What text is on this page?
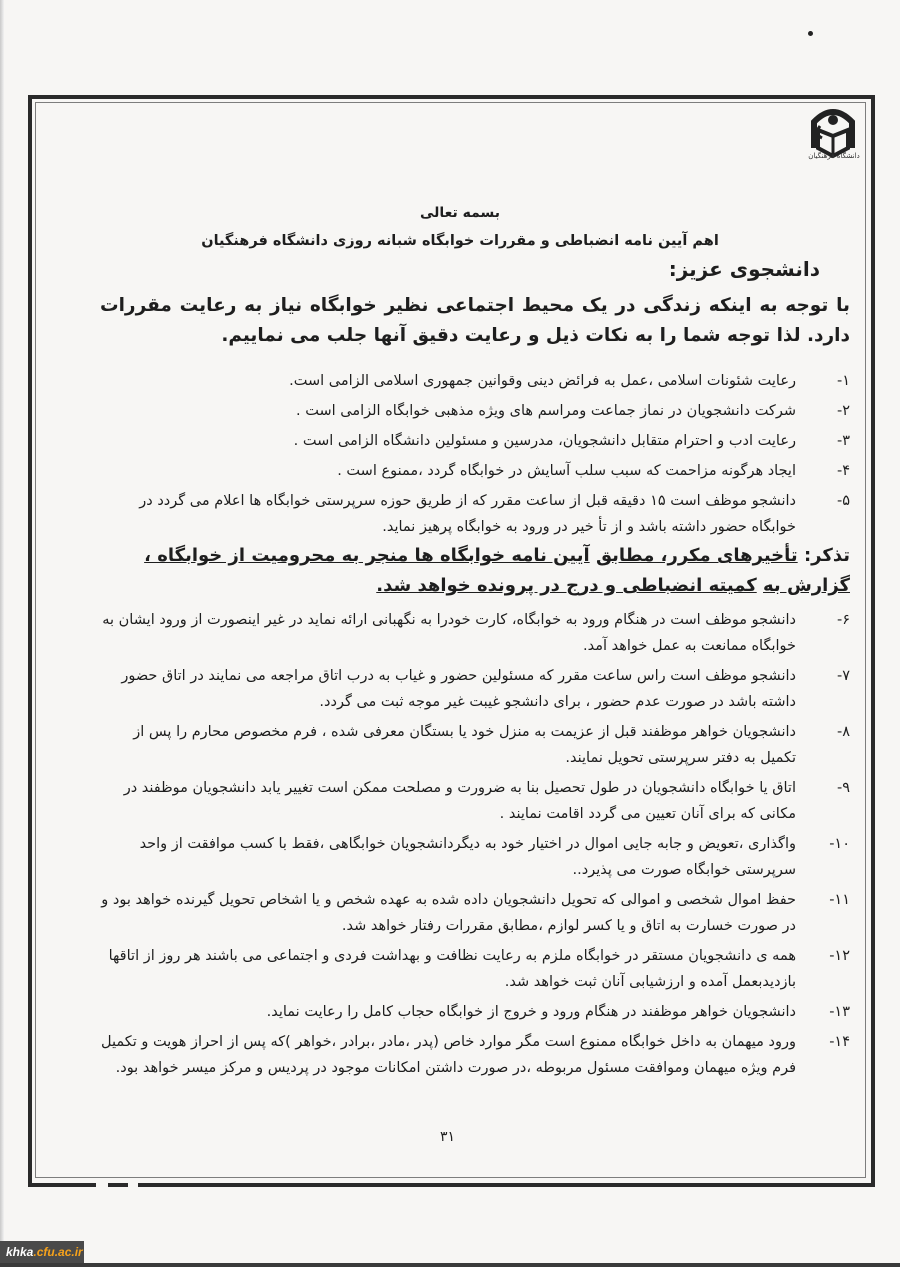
دانشگاه فرهنگیان
بسمه تعالی
اهم آیین نامه انضباطی و مقررات خوابگاه شبانه روزی دانشگاه فرهنگیان
دانشجوی عزیز:
با توجه به اینکه زندگی در یک محیط اجتماعی نظیر خوابگاه نیاز به رعایت مقررات دارد. لذا توجه شما را به نکات ذیل و رعایت دقیق آنها جلب می نماییم.
۱-
رعایت شئونات اسلامی ،عمل به فرائض دینی وقوانین جمهوری اسلامی الزامی است.
۲-
شرکت دانشجویان در نماز جماعت ومراسم های ویژه مذهبی خوابگاه الزامی است .
۳-
رعایت ادب و احترام متقابل دانشجویان، مدرسین و مسئولین دانشگاه الزامی است .
۴-
ایجاد هرگونه مزاحمت که سبب سلب آسایش در خوابگاه گردد ،ممنوع است .
۵-
دانشجو موظف است ۱۵ دقیقه قبل از ساعت مقرر که از طریق حوزه سرپرستی خوابگاه ها اعلام می گردد در خوابگاه حضور داشته باشد و از تأ خیر در ورود به خوابگاه پرهیز نماید.
تذکر: تأخیرهای مکرر، مطابق آیین نامه خوابگاه ها منجر به محرومیت از خوابگاه ، گزارش به کمیته انضباطی و درج در پرونده خواهد شد.
۶-
دانشجو موظف است در هنگام ورود به خوابگاه، کارت خودرا به نگهبانی ارائه نماید در غیر اینصورت از ورود ایشان به خوابگاه ممانعت به عمل خواهد آمد.
۷-
دانشجو موظف است راس ساعت مقرر که مسئولین حضور و غیاب به درب اتاق مراجعه می نمایند در اتاق حضور داشته باشد در صورت عدم حضور ، برای دانشجو غیبت غیر موجه ثبت می گردد.
۸-
دانشجویان خواهر موظفند قبل از عزیمت به منزل خود یا بستگان معرفی شده ، فرم مخصوص محارم را پس از تکمیل به دفتر سرپرستی تحویل نمایند.
۹-
اتاق یا خوابگاه دانشجویان در طول تحصیل بنا به ضرورت و مصلحت ممکن است تغییر یابد دانشجویان موظفند در مکانی که برای آنان تعیین می گردد اقامت نمایند .
۱۰-
واگذاری ،تعویض و جابه جایی اموال در اختیار خود به دیگردانشجویان خوابگاهی ،فقط با کسب موافقت از واحد سرپرستی خوابگاه صورت می پذیرد..
۱۱-
حفظ اموال شخصی و اموالی که تحویل دانشجویان داده شده به عهده شخص و یا اشخاص تحویل گیرنده خواهد بود و در صورت خسارت به اتاق و یا کسر لوازم ،مطابق مقررات رفتار خواهد شد.
۱۲-
همه ی دانشجویان مستقر در خوابگاه ملزم به رعایت نظافت و بهداشت فردی و اجتماعی می باشند هر روز از اتاقها بازدیدبعمل آمده و ارزشیابی آنان ثبت خواهد شد.
۱۳-
دانشجویان خواهر موظفند در هنگام ورود و خروج از خوابگاه حجاب کامل را رعایت نماید.
۱۴-
ورود میهمان به داخل خوابگاه ممنوع است مگر موارد خاص (پدر ،مادر ،برادر ،خواهر )که پس از احراز هویت و تکمیل فرم ویژه میهمان وموافقت مسئول مربوطه ،در صورت داشتن امکانات موجود در پردیس و مرکز میسر خواهد بود.
۳۱
khka.cfu.ac.ir
